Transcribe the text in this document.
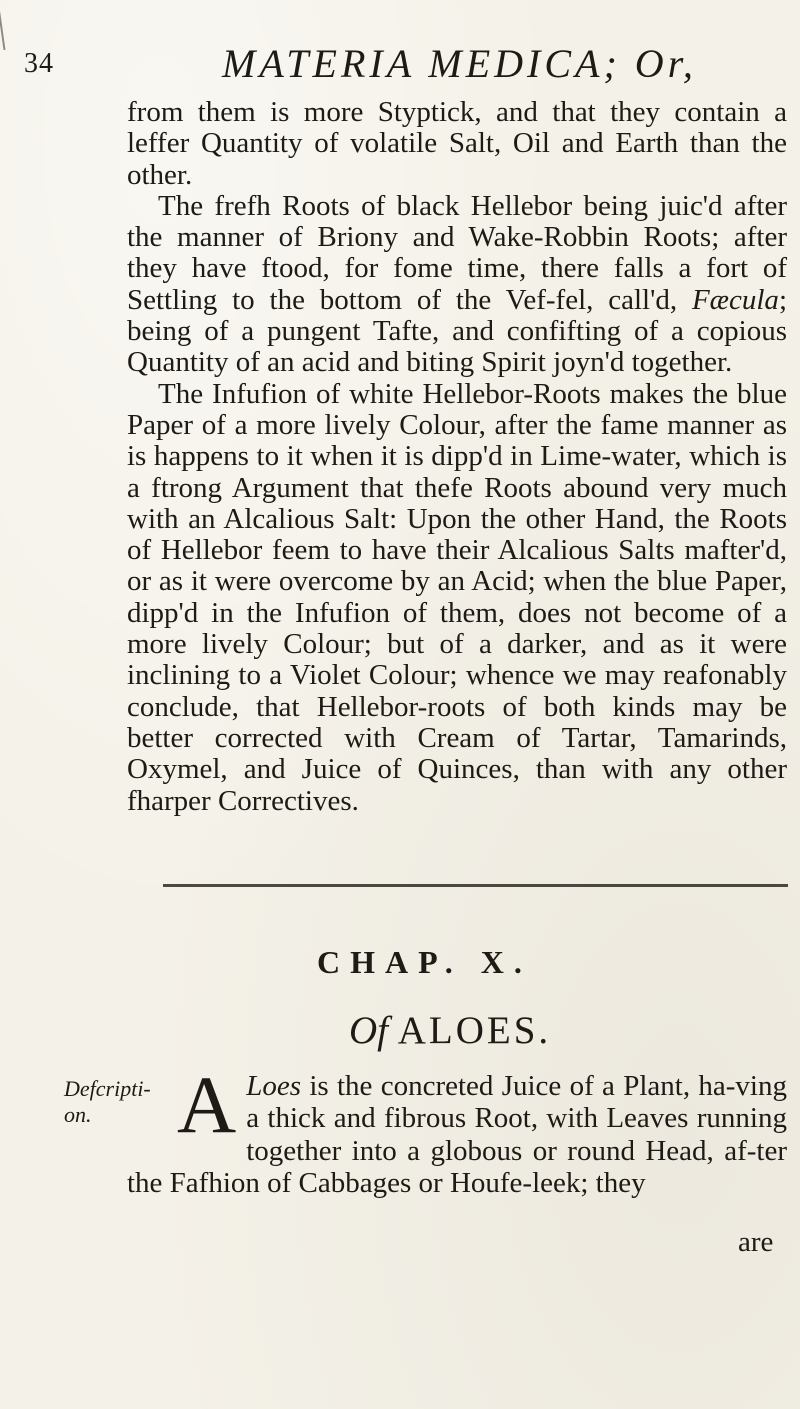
34	MATERIA MEDICA; Or,

from them is more Styptick, and that they contain a leffer Quantity of volatile Salt, Oil and Earth than the other.

The frefh Roots of black Hellebor being juic'd after the manner of Briony and Wake-Robbin Roots; after they have ftood, for fome time, there falls a fort of Settling to the bottom of the Vef-fel, call'd, Fæcula; being of a pungent Tafte, and confifting of a copious Quantity of an acid and biting Spirit joyn'd together.

The Infufion of white Hellebor-Roots makes the blue Paper of a more lively Colour, after the fame manner as is happens to it when it is dipp'd in Lime-water, which is a ftrong Argument that thefe Roots abound very much with an Alcalious Salt: Upon the other Hand, the Roots of Hellebor feem to have their Alcalious Salts mafter'd, or as it were overcome by an Acid; when the blue Paper, dipp'd in the Infufion of them, does not become of a more lively Colour; but of a darker, and as it were inclining to a Violet Colour; whence we may reafonably conclude, that Hellebor-roots of both kinds may be better corrected with Cream of Tartar, Tamarinds, Oxymel, and Juice of Quinces, than with any other fharper Correctives.

CHAP. X.
Of ALOES.
Defcripti-on.	A Loes is the concreted Juice of a Plant, ha-ving a thick and fibrous Root, with Leaves running together into a globous or round Head, af-ter the Fafhion of Cabbages or Houfe-leek; they

are
